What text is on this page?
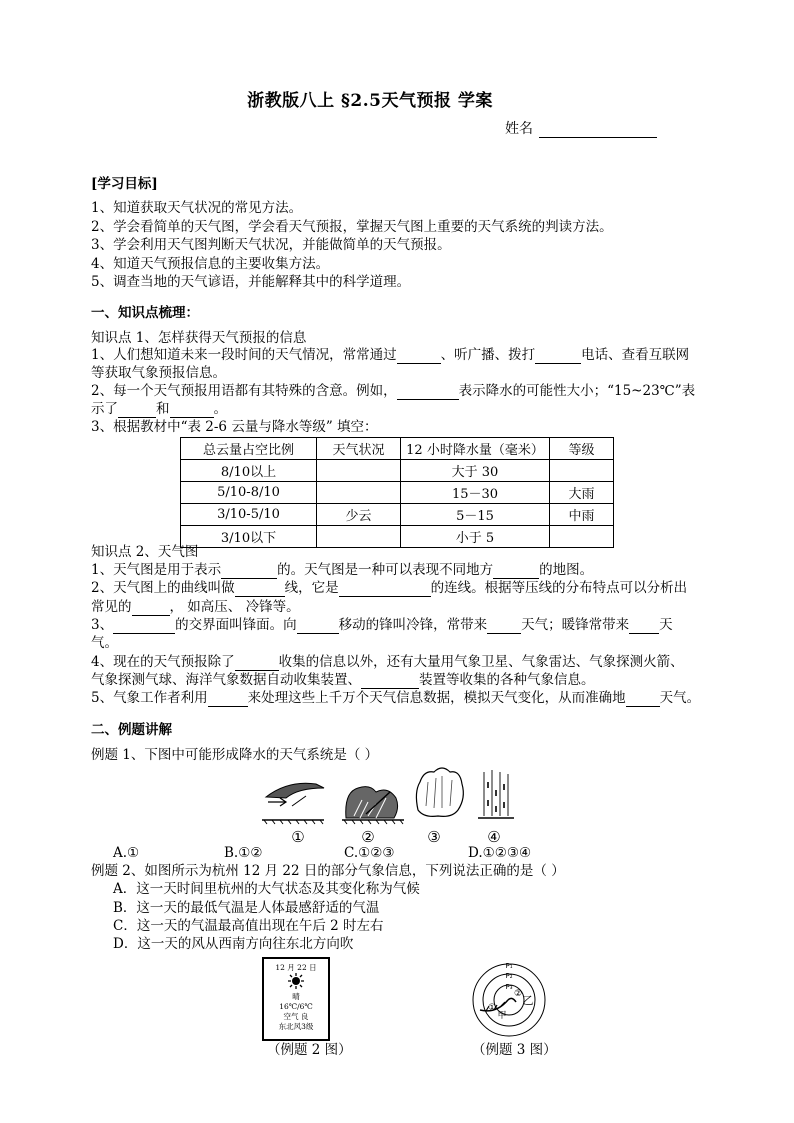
浙教版八上 §2.5天气预报 学案
姓名
[学习目标]
1、知道获取天气状况的常见方法。
2、学会看简单的天气图，学会看天气预报，掌握天气图上重要的天气系统的判读方法。
3、学会利用天气图判断天气状况，并能做简单的天气预报。
4、知道天气预报信息的主要收集方法。
5、调查当地的天气谚语，并能解释其中的科学道理。
一、知识点梳理：
知识点 1、怎样获得天气预报的信息
1、人们想知道未来一段时间的天气情况，常常通过	、听广播、拨打	电话、查看互联网
等获取气象预报信息。
2、每一个天气预报用语都有其特殊的含意。例如，	表示降水的可能性大小；“15~23℃”表
示了	和	。
3、根据教材中“表 2-6 云量与降水等级” 填空：
总云量占空比例	天气状况	12 小时降水量（毫米）	等级
8/10以上		大于 30	
5/10-8/10		15－30	大雨
3/10-5/10	少云	5－15	中雨
3/10以下		小于 5	
知识点 2、天气图
1、天气图是用于表示	的。天气图是一种可以表现不同地方	的地图。
2、天气图上的曲线叫做	线，它是	的连线。根据等压线的分布特点可以分析出
常见的	， 如高压、 冷锋等。
3、	的交界面叫锋面。向	移动的锋叫冷锋，常带来	天气；暖锋常带来 天
气。
4、现在的天气预报除了	收集的信息以外，还有大量用气象卫星、气象雷达、气象探测火箭、
气象探测气球、海洋气象数据自动收集装置、	装置等收集的各种气象信息。
5、气象工作者利用	来处理这些上千万个天气信息数据，模拟天气变化，从而准确地	天气。
二、例题讲解
例题 1、下图中可能形成降水的天气系统是（ ）
①	②	③	④
A.①	B.①②	C.①②③	D.①②③④
例题 2、如图所示为杭州 12 月 22 日的部分气象信息，下列说法正确的是（ ）
A．这一天时间里杭州的大气状态及其变化称为气候
B．这一天的最低气温是人体最感舒适的气温
C．这一天的气温最高值出现在午后 2 时左右
D．这一天的风从西南方向往东北方向吹
12 月 22 日
晴
16℃/6℃
空气 良
东北风3级
（例题 2 图）
P₁
P₂
P₃
①
②
甲
乙
（例题 3 图）
